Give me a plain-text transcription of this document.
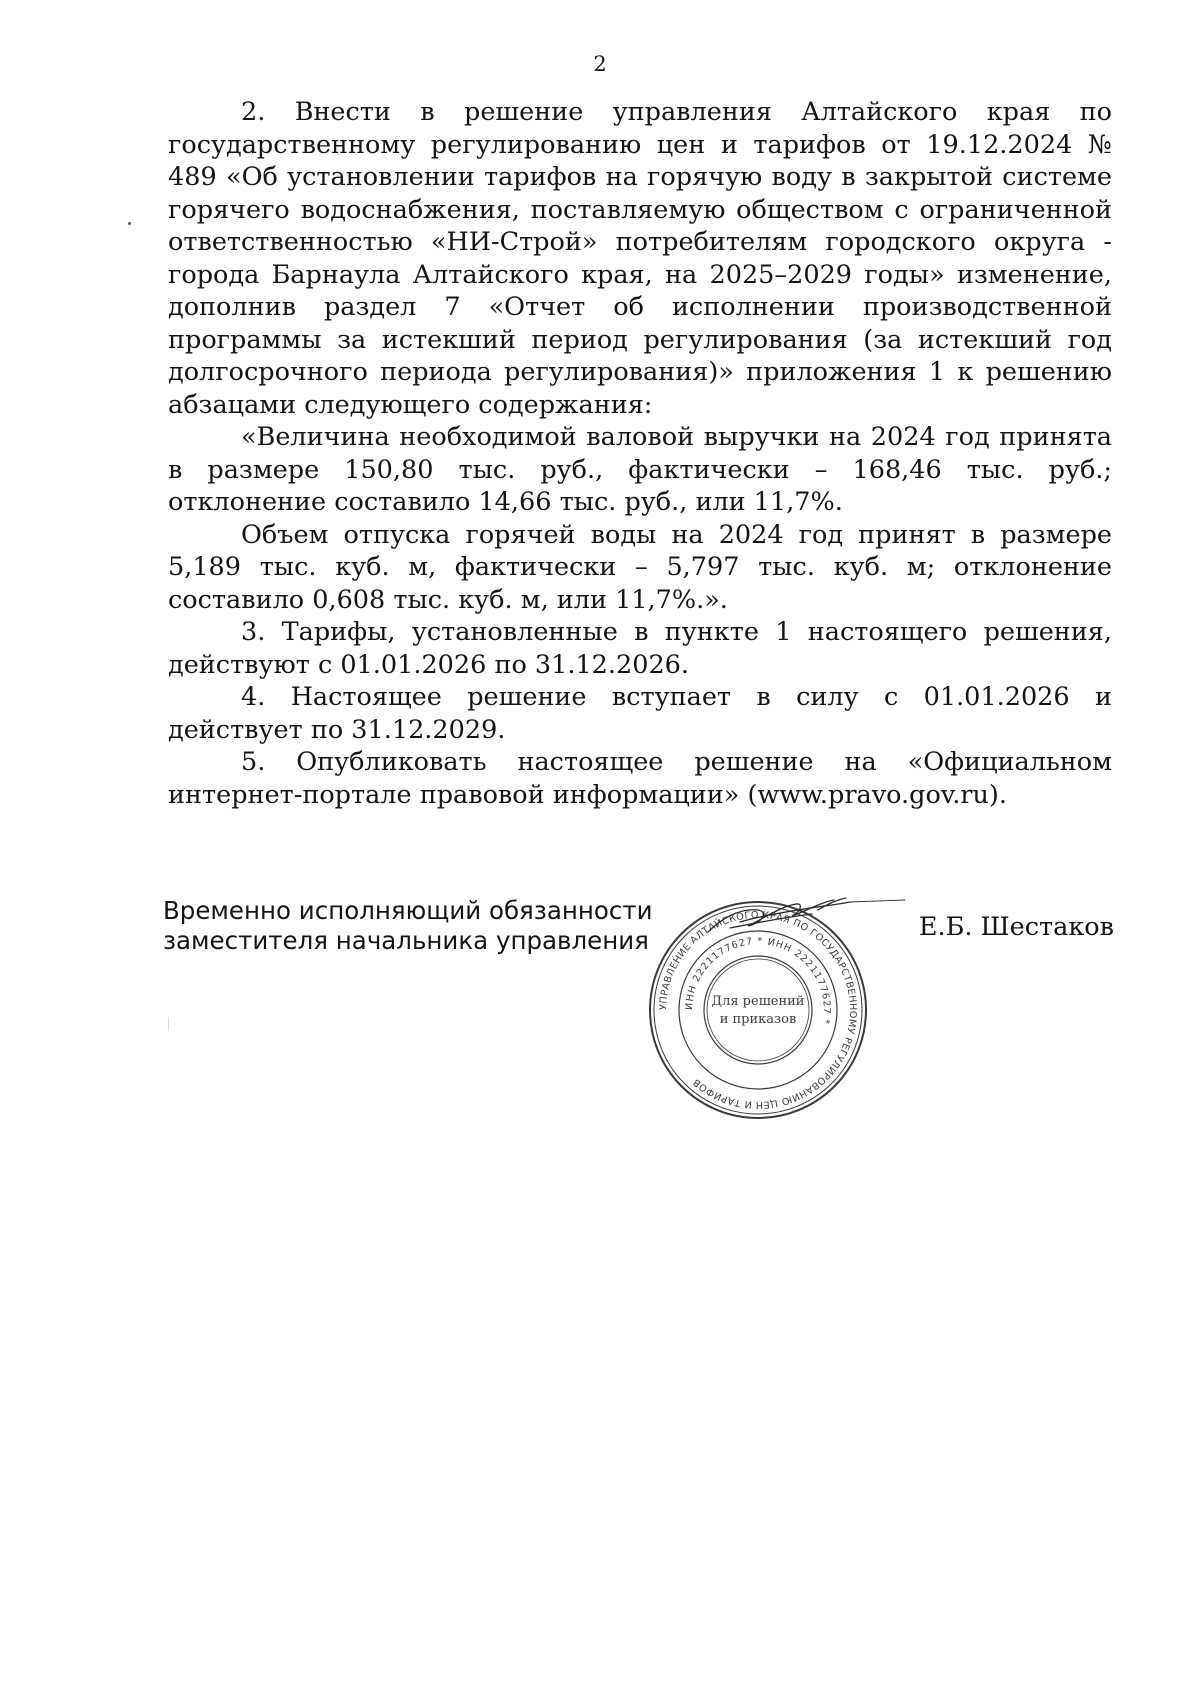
2

2. Внести в решение управления Алтайского края по государственному регулированию цен и тарифов от 19.12.2024 № 489 «Об установлении тарифов на горячую воду в закрытой системе горячего водоснабжения, поставляемую обществом с ограниченной ответственностью «НИ-Строй» потребителям городского округа - города Барнаула Алтайского края, на 2025–2029 годы» изменение, дополнив раздел 7 «Отчет об исполнении производственной программы за истекший период регулирования (за истекший год долгосрочного периода регулирования)» приложения 1 к решению абзацами следующего содержания:

«Величина необходимой валовой выручки на 2024 год принята в размере 150,80 тыс. руб., фактически – 168,46 тыс. руб.; отклонение составило 14,66 тыс. руб., или 11,7%.

Объем отпуска горячей воды на 2024 год принят в размере 5,189 тыс. куб. м, фактически – 5,797 тыс. куб. м; отклонение составило 0,608 тыс. куб. м, или 11,7%.».

3. Тарифы, установленные в пункте 1 настоящего решения, действуют с 01.01.2026 по 31.12.2026.

4. Настоящее решение вступает в силу с 01.01.2026 и действует по 31.12.2029.

5. Опубликовать настоящее решение на «Официальном интернет-портале правовой информации» (www.pravo.gov.ru).

Временно исполняющий обязанности
заместителя начальника управления	Е.Б. Шестаков
УПРАВЛЕНИЕ АЛТАЙСКОГО КРАЯ ПО ГОСУДАРСТВЕННОМУ РЕГУЛИРОВАНИЮ ЦЕН И ТАРИФОВ
ИНН 2221177627 * ИНН 2221177627 *
Для решений
и приказов
